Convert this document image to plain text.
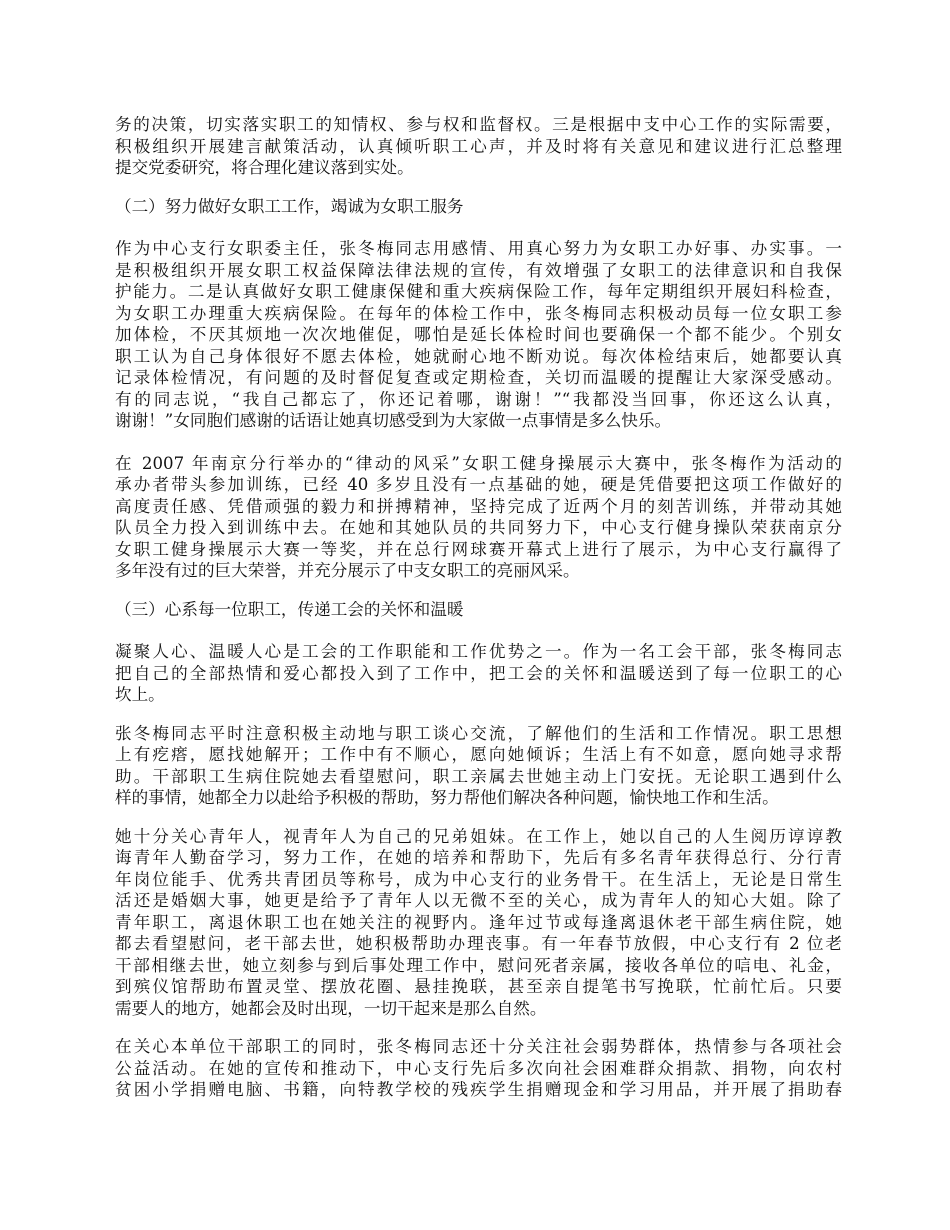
务的决策，切实落实职工的知情权、参与权和监督权。三是根据中支中心工作的实际需要，
积极组织开展建言献策活动，认真倾听职工心声，并及时将有关意见和建议进行汇总整理
提交党委研究，将合理化建议落到实处。
（二）努力做好女职工工作，竭诚为女职工服务
作为中心支行女职委主任，张冬梅同志用感情、用真心努力为女职工办好事、办实事。一
是积极组织开展女职工权益保障法律法规的宣传，有效增强了女职工的法律意识和自我保
护能力。二是认真做好女职工健康保健和重大疾病保险工作，每年定期组织开展妇科检查，
为女职工办理重大疾病保险。在每年的体检工作中，张冬梅同志积极动员每一位女职工参
加体检，不厌其烦地一次次地催促，哪怕是延长体检时间也要确保一个都不能少。个别女
职工认为自己身体很好不愿去体检，她就耐心地不断劝说。每次体检结束后，她都要认真
记录体检情况，有问题的及时督促复查或定期检查，关切而温暖的提醒让大家深受感动。
有的同志说，“我自己都忘了，你还记着哪，谢谢！”“我都没当回事，你还这么认真，
谢谢！”女同胞们感谢的话语让她真切感受到为大家做一点事情是多么快乐。
在 2007 年南京分行举办的“律动的风采”女职工健身操展示大赛中，张冬梅作为活动的
承办者带头参加训练，已经 40 多岁且没有一点基础的她，硬是凭借要把这项工作做好的
高度责任感、凭借顽强的毅力和拼搏精神，坚持完成了近两个月的刻苦训练，并带动其她
队员全力投入到训练中去。在她和其她队员的共同努力下，中心支行健身操队荣获南京分
女职工健身操展示大赛一等奖，并在总行网球赛开幕式上进行了展示，为中心支行赢得了
多年没有过的巨大荣誉，并充分展示了中支女职工的亮丽风采。
（三）心系每一位职工，传递工会的关怀和温暖
凝聚人心、温暖人心是工会的工作职能和工作优势之一。作为一名工会干部，张冬梅同志
把自己的全部热情和爱心都投入到了工作中，把工会的关怀和温暖送到了每一位职工的心
坎上。
张冬梅同志平时注意积极主动地与职工谈心交流，了解他们的生活和工作情况。职工思想
上有疙瘩，愿找她解开；工作中有不顺心，愿向她倾诉；生活上有不如意，愿向她寻求帮
助。干部职工生病住院她去看望慰问，职工亲属去世她主动上门安抚。无论职工遇到什么
样的事情，她都全力以赴给予积极的帮助，努力帮他们解决各种问题，愉快地工作和生活。
她十分关心青年人，视青年人为自己的兄弟姐妹。在工作上，她以自己的人生阅历谆谆教
诲青年人勤奋学习，努力工作，在她的培养和帮助下，先后有多名青年获得总行、分行青
年岗位能手、优秀共青团员等称号，成为中心支行的业务骨干。在生活上，无论是日常生
活还是婚姻大事，她更是给予了青年人以无微不至的关心，成为青年人的知心大姐。除了
青年职工，离退休职工也在她关注的视野内。逢年过节或每逢离退休老干部生病住院，她
都去看望慰问，老干部去世，她积极帮助办理丧事。有一年春节放假，中心支行有 2 位老
干部相继去世，她立刻参与到后事处理工作中，慰问死者亲属，接收各单位的唁电、礼金，
到殡仪馆帮助布置灵堂、摆放花圈、悬挂挽联，甚至亲自提笔书写挽联，忙前忙后。只要
需要人的地方，她都会及时出现，一切干起来是那么自然。
在关心本单位干部职工的同时，张冬梅同志还十分关注社会弱势群体，热情参与各项社会
公益活动。在她的宣传和推动下，中心支行先后多次向社会困难群众捐款、捐物，向农村
贫困小学捐赠电脑、书籍，向特教学校的残疾学生捐赠现金和学习用品，并开展了捐助春
